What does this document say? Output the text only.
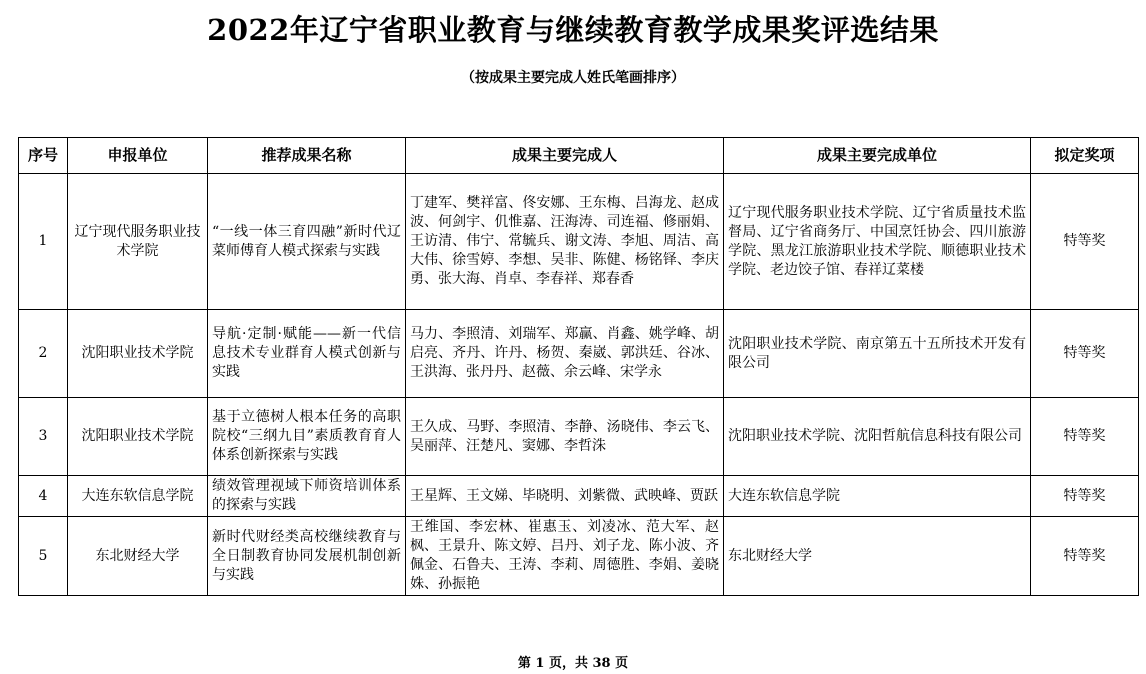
2022年辽宁省职业教育与继续教育教学成果奖评选结果
（按成果主要完成人姓氏笔画排序）
序号	申报单位	推荐成果名称	成果主要完成人	成果主要完成单位	拟定奖项
1	辽宁现代服务职业技术学院	“一线一体三育四融”新时代辽菜师傅育人模式探索与实践	丁建军、樊祥富、佟安娜、王东梅、吕海龙、赵成波、何剑宇、仉惟嘉、汪海涛、司连福、修丽娟、王访清、伟宁、常毓兵、谢文涛、李旭、周洁、高大伟、徐雪婷、李想、吴非、陈健、杨铭铎、李庆勇、张大海、肖卓、李春祥、郑春香	辽宁现代服务职业技术学院、辽宁省质量技术监督局、辽宁省商务厅、中国烹饪协会、四川旅游学院、黑龙江旅游职业技术学院、顺德职业技术学院、老边饺子馆、春祥辽菜楼	特等奖
2	沈阳职业技术学院	导航·定制·赋能——新一代信息技术专业群育人模式创新与实践	马力、李照清、刘瑞军、郑赢、肖鑫、姚学峰、胡启亮、齐丹、许丹、杨贺、秦崴、郭洪廷、谷冰、王洪海、张丹丹、赵薇、余云峰、宋学永	沈阳职业技术学院、南京第五十五所技术开发有限公司	特等奖
3	沈阳职业技术学院	基于立德树人根本任务的高职院校“三纲九目”素质教育育人体系创新探索与实践	王久成、马野、李照清、李静、汤晓伟、李云飞、吴丽萍、汪楚凡、窦娜、李哲洙	沈阳职业技术学院、沈阳哲航信息科技有限公司	特等奖
4	大连东软信息学院	绩效管理视域下师资培训体系的探索与实践	王星辉、王文娣、毕晓明、刘紫微、武映峰、贾跃	大连东软信息学院	特等奖
5	东北财经大学	新时代财经类高校继续教育与全日制教育协同发展机制创新与实践	王维国、李宏林、崔惠玉、刘凌冰、范大军、赵枫、王景升、陈文婷、吕丹、刘子龙、陈小波、齐佩金、石鲁夫、王涛、李莉、周德胜、李娟、姜晓姝、孙振艳	东北财经大学	特等奖
第 1 页，共 38 页
